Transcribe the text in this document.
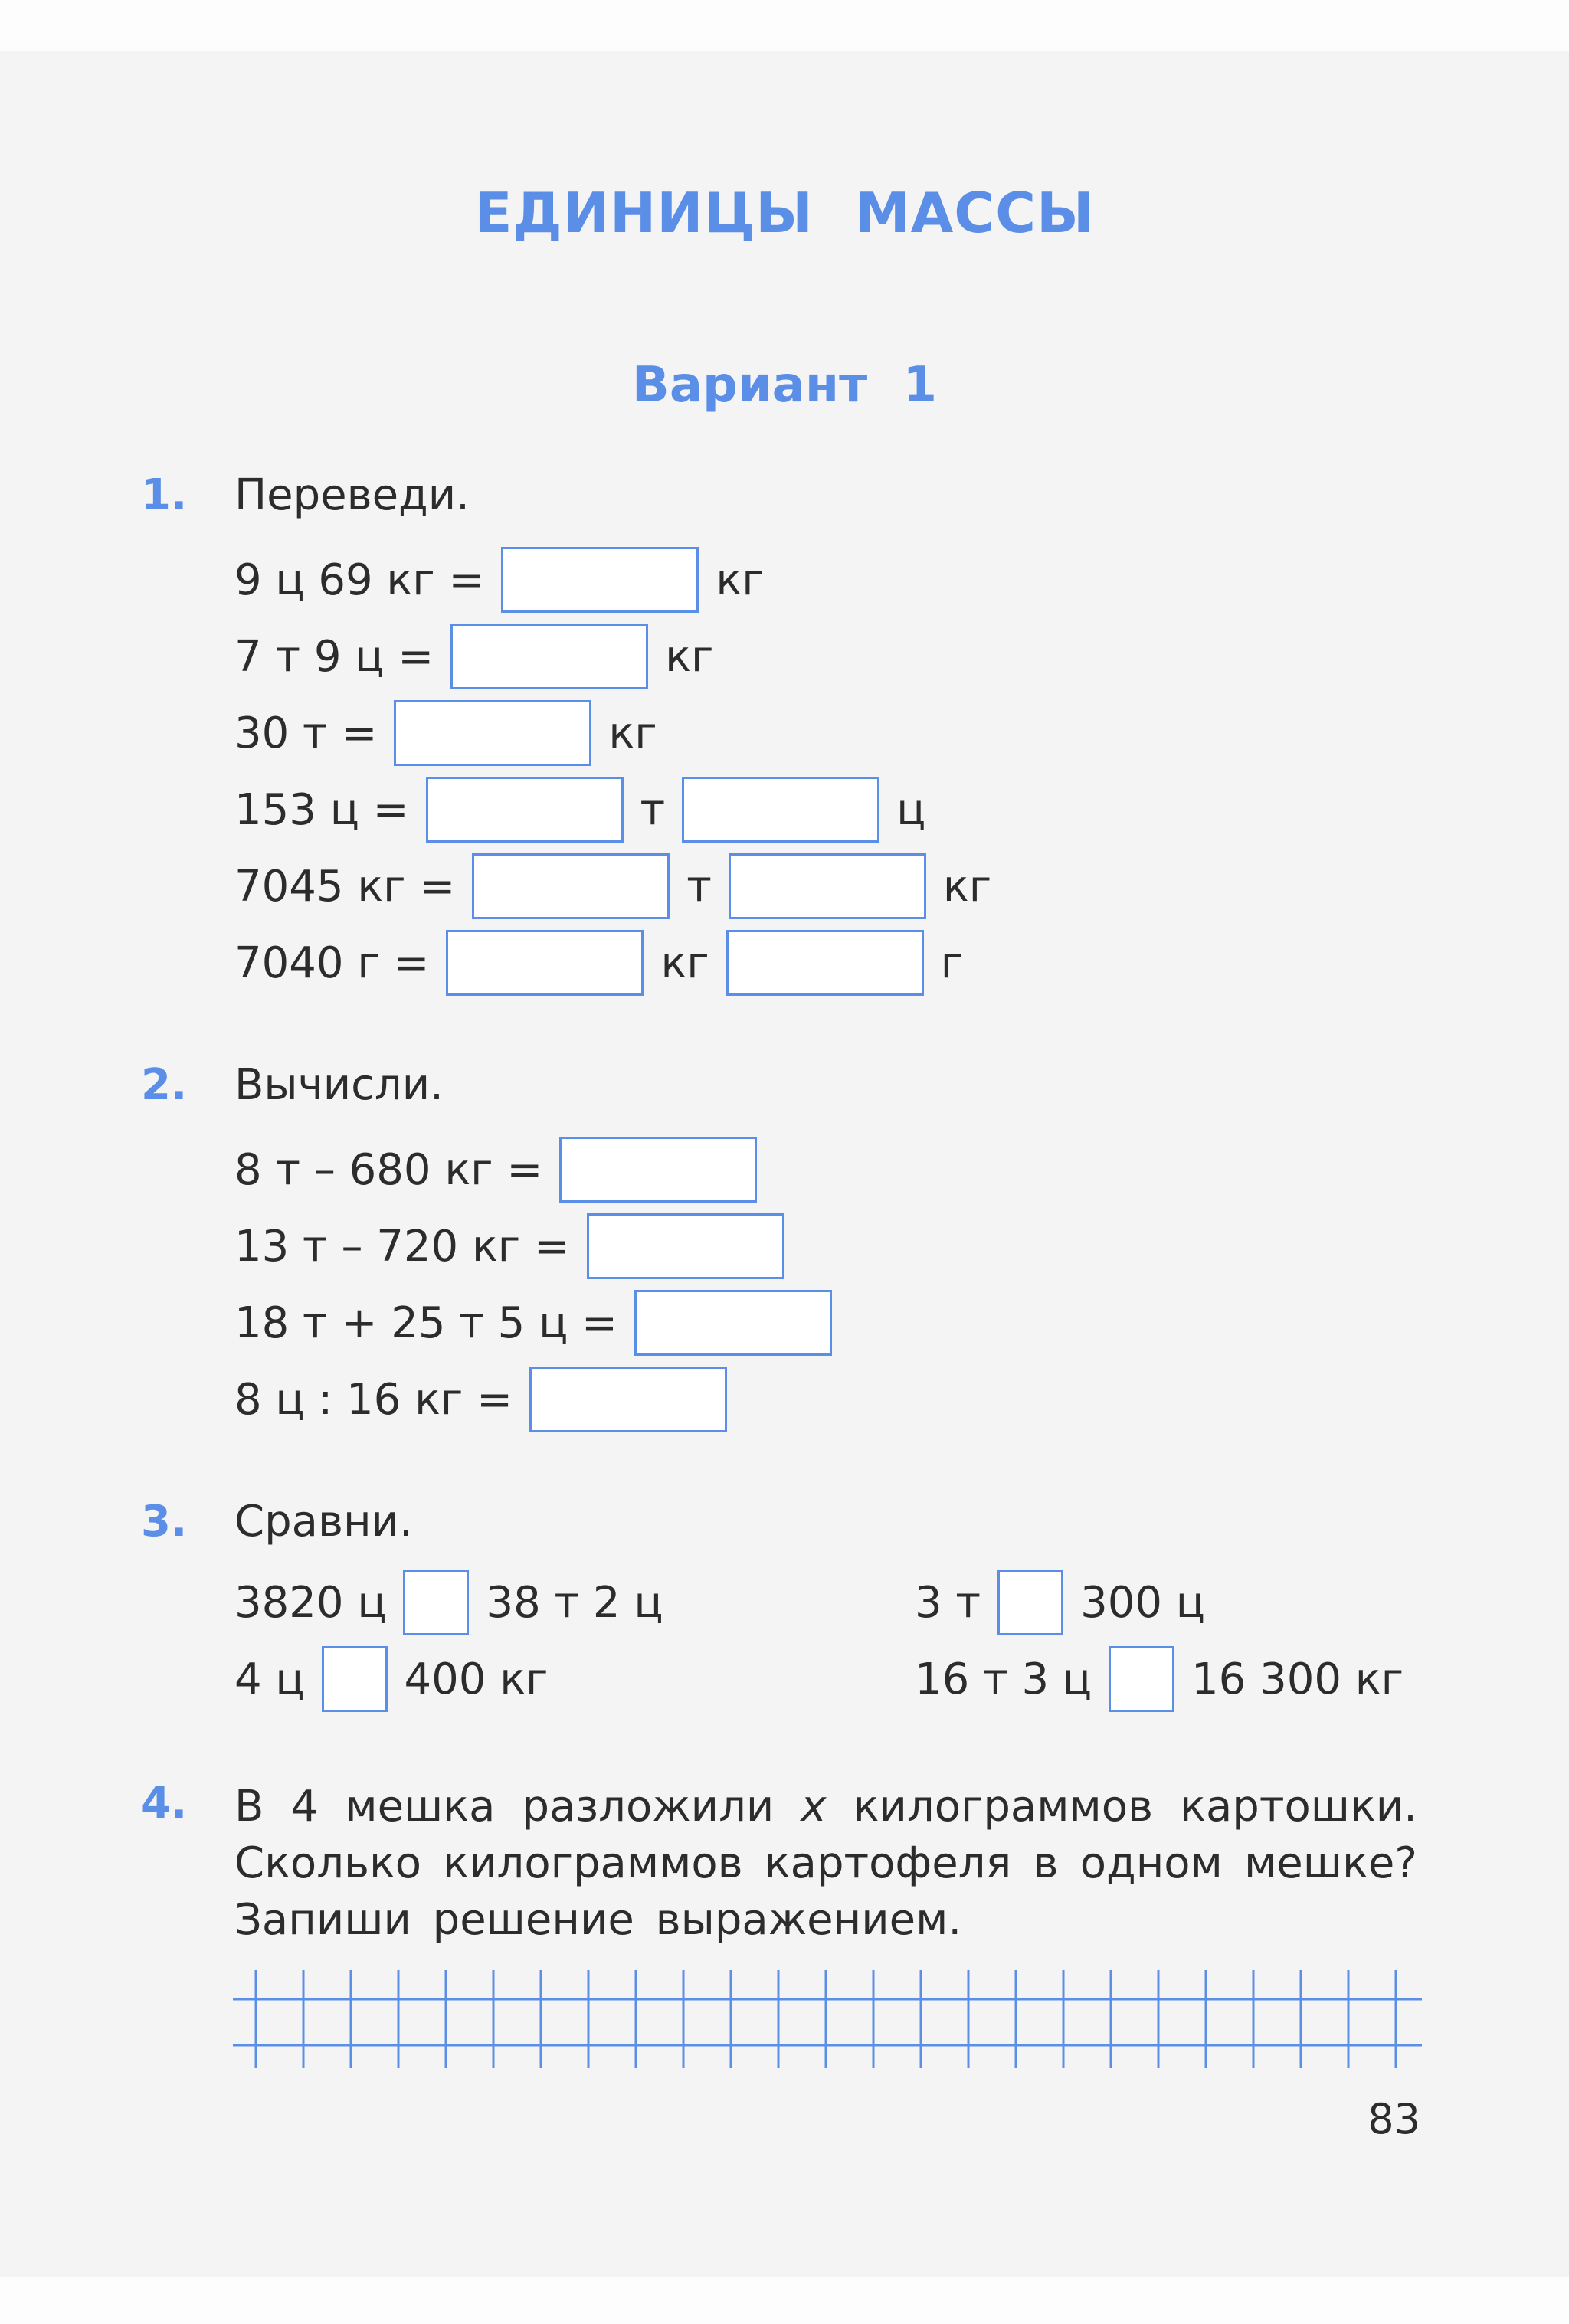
ЕДИНИЦЫ МАССЫ
Вариант 1
1. Переведи.
9 ц 69 кг =	кг
7 т 9 ц =	кг
30 т =	кг
153 ц =	т	ц
7045 кг =	т	кг
7040 г =	кг	г
2. Вычисли.
8 т – 680 кг =
13 т – 720 кг =
18 т + 25 т 5 ц =
8 ц : 16 кг =
3. Сравни.
3820 ц 38 т 2 ц	3 т 300 ц
4 ц 400 кг	16 т 3 ц 16 300 кг
4. В 4 мешка разложили x килограммов картошки. Сколько килограммов картофеля в одном мешке? Запиши решение выражением.
83
